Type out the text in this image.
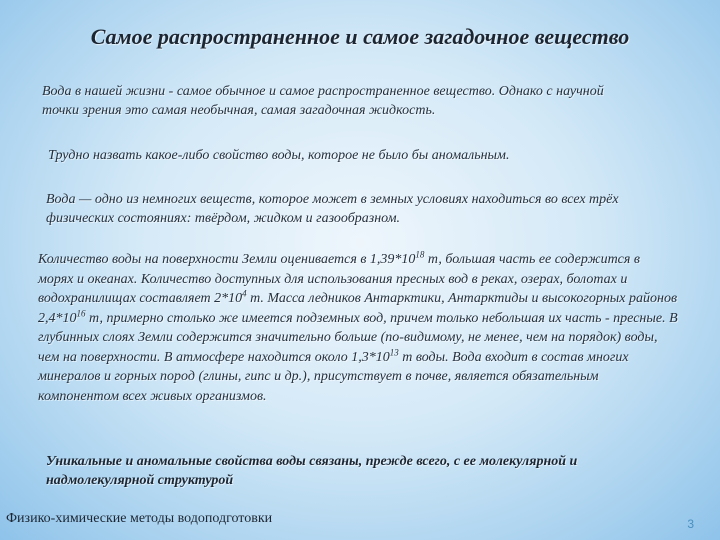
Самое распространенное и самое загадочное вещество
Вода в нашей жизни - самое обычное и самое распространенное вещество. Однако с научной точки зрения это самая необычная, самая загадочная жидкость.
Трудно назвать какое-либо свойство воды, которое не было бы аномальным.
Вода — одно из немногих веществ, которое может в земных условиях находиться во всех трёх физических состояниях: твёрдом, жидком и газообразном.
Количество воды на поверхности Земли оценивается в $1,39*10^{18}$ т, большая часть ее содержится в морях и океанах. Количество доступных для использования пресных вод в реках, озерах, болотах и водохранилищах составляет $2*10^4$ т. Масса ледников Антарктики, Антарктиды и высокогорных районов $2,4*10^{16}$ т, примерно столько же имеется подземных вод, причем только небольшая их часть - пресные. В глубинных слоях Земли содержится значительно больше (по-видимому, не менее, чем на порядок) воды, чем на поверхности. В атмосфере находится около $1,3*10^{13}$ т воды. Вода входит в состав многих минералов и горных пород (глины, гипс и др.), присутствует в почве, является обязательным компонентом всех живых организмов.
Уникальные и аномальные свойства воды связаны, прежде всего, с ее молекулярной и надмолекулярной структурой
Физико-химические методы водоподготовки	3
